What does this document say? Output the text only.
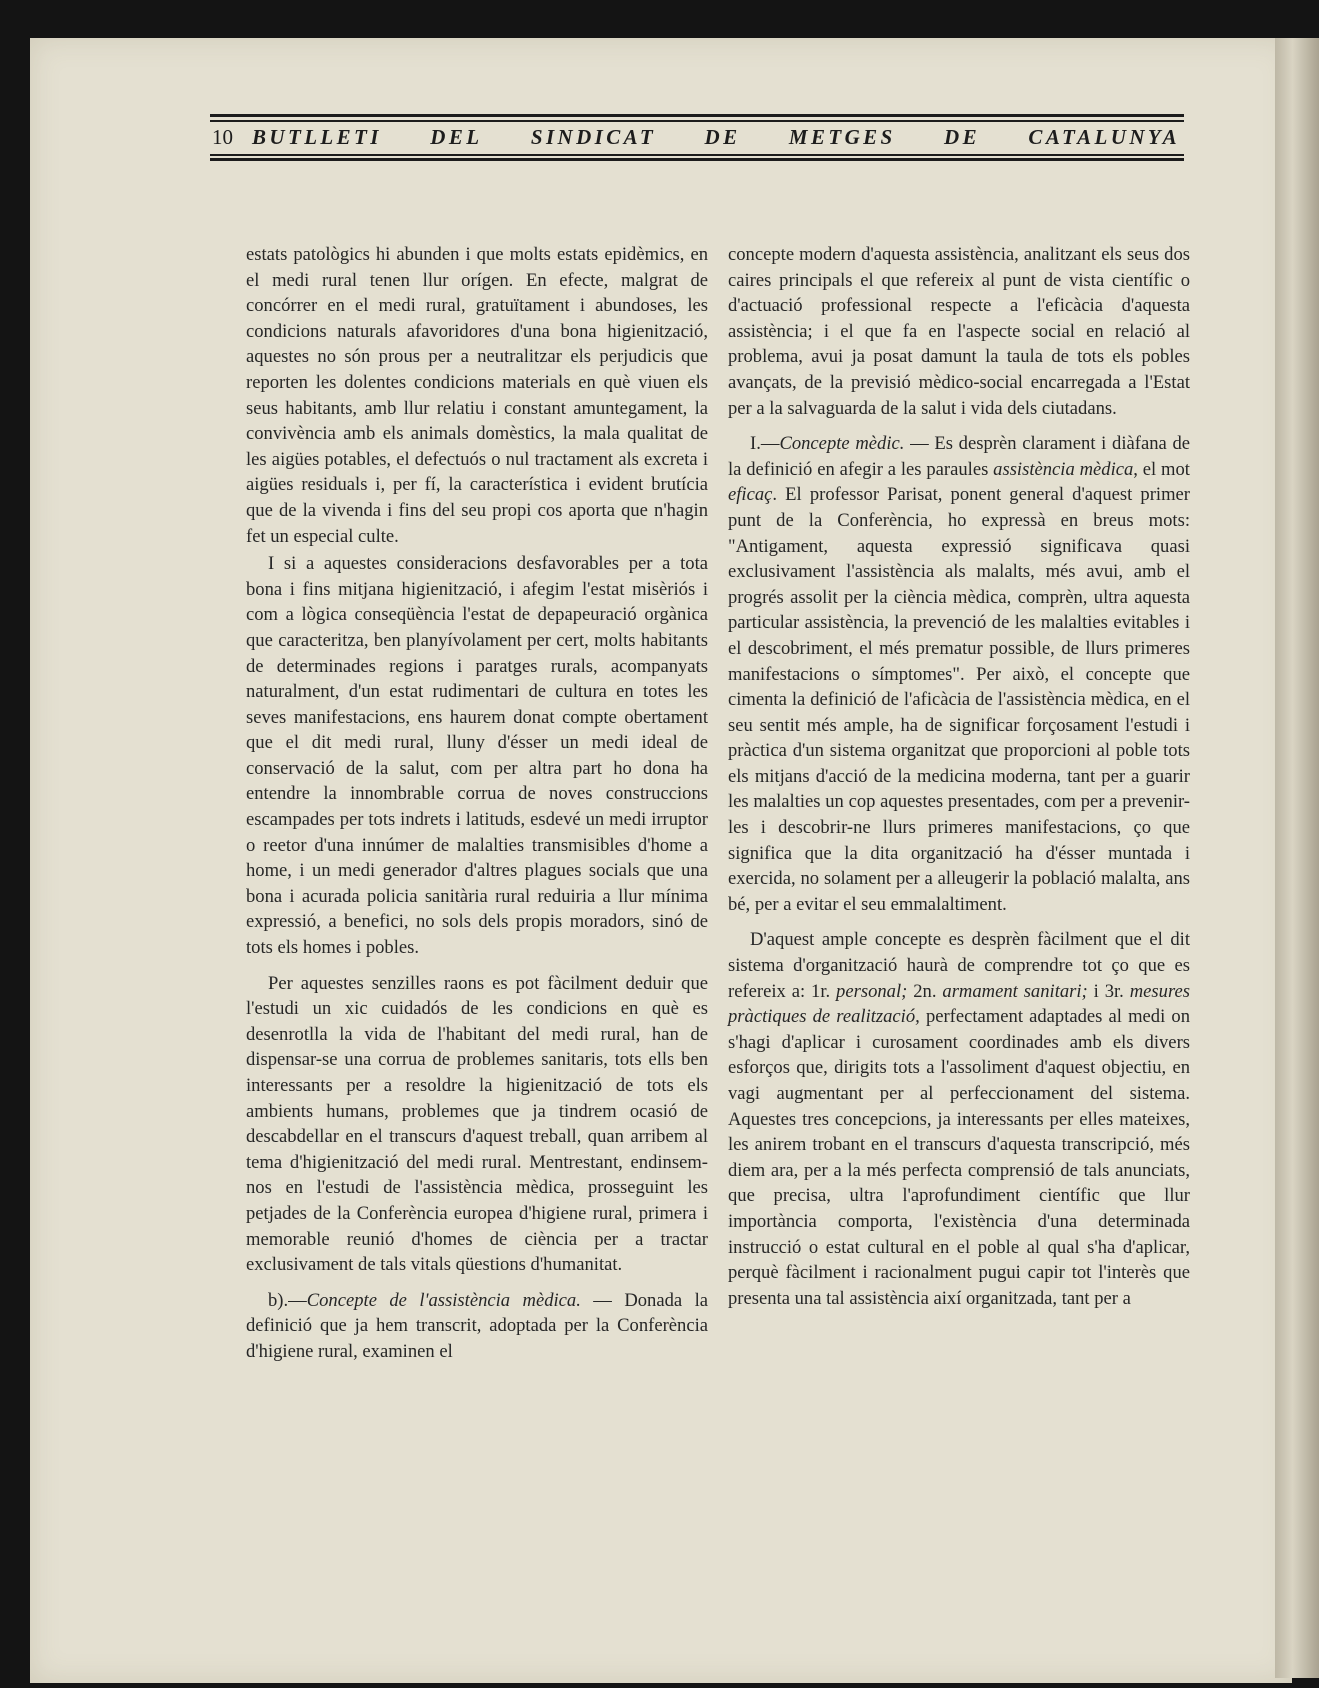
10 BUTLLETI DEL SINDICAT DE METGES DE CATALUNYA

estats patològics hi abunden i que molts estats epidèmics, en el medi rural tenen llur orígen. En efecte, malgrat de concórrer en el medi rural, gratuïtament i abundoses, les condicions naturals afavoridores d'una bona higienització, aquestes no són prous per a neutralitzar els perjudicis que reporten les dolentes condicions materials en què viuen els seus habitants, amb llur relatiu i constant amuntegament, la convivència amb els animals domèstics, la mala qualitat de les aigües potables, el defectuós o nul tractament als excreta i aigües residuals i, per fí, la característica i evident brutícia que de la vivenda i fins del seu propi cos aporta que n'hagin fet un especial culte.

I si a aquestes consideracions desfavorables per a tota bona i fins mitjana higienització, i afegim l'estat misèriós i com a lògica conseqüència l'estat de depapeuració orgànica que caracteritza, ben planyívolament per cert, molts habitants de determinades regions i paratges rurals, acompanyats naturalment, d'un estat rudimentari de cultura en totes les seves manifestacions, ens haurem donat compte obertament que el dit medi rural, lluny d'ésser un medi ideal de conservació de la salut, com per altra part ho dona ha entendre la innombrable corrua de noves construccions escampades per tots indrets i latituds, esdevé un medi irruptor o reetor d'una innúmer de malalties transmisibles d'home a home, i un medi generador d'altres plagues socials que una bona i acurada policia sanitària rural reduiria a llur mínima expressió, a benefici, no sols dels propis moradors, sinó de tots els homes i pobles.

Per aquestes senzilles raons es pot fàcilment deduir que l'estudi un xic cuidadós de les condicions en què es desenrotlla la vida de l'habitant del medi rural, han de dispensar-se una corrua de problemes sanitaris, tots ells ben interessants per a resoldre la higienització de tots els ambients humans, problemes que ja tindrem ocasió de descabdellar en el transcurs d'aquest treball, quan arribem al tema d'higienització del medi rural. Mentrestant, endinsem-nos en l'estudi de l'assistència mèdica, prosseguint les petjades de la Conferència europea d'higiene rural, primera i memorable reunió d'homes de ciència per a tractar exclusivament de tals vitals qüestions d'humanitat.

b).—Concepte de l'assistència mèdica. — Donada la definició que ja hem transcrit, adoptada per la Conferència d'higiene rural, examinen el

concepte modern d'aquesta assistència, analitzant els seus dos caires principals el que refereix al punt de vista científic o d'actuació professional respecte a l'eficàcia d'aquesta assistència; i el que fa en l'aspecte social en relació al problema, avui ja posat damunt la taula de tots els pobles avançats, de la previsió mèdico-social encarregada a l'Estat per a la salvaguarda de la salut i vida dels ciutadans.

I.—Concepte mèdic. — Es desprèn clarament i diàfana de la definició en afegir a les paraules assistència mèdica, el mot eficaç. El professor Parisat, ponent general d'aquest primer punt de la Conferència, ho expressà en breus mots: "Antigament, aquesta expressió significava quasi exclusivament l'assistència als malalts, més avui, amb el progrés assolit per la ciència mèdica, comprèn, ultra aquesta particular assistència, la prevenció de les malalties evitables i el descobriment, el més prematur possible, de llurs primeres manifestacions o símptomes". Per això, el concepte que cimenta la definició de l'aficàcia de l'assistència mèdica, en el seu sentit més ample, ha de significar forçosament l'estudi i pràctica d'un sistema organitzat que proporcioni al poble tots els mitjans d'acció de la medicina moderna, tant per a guarir les malalties un cop aquestes presentades, com per a prevenir-les i descobrir-ne llurs primeres manifestacions, ço que significa que la dita organització ha d'ésser muntada i exercida, no solament per a alleugerir la població malalta, ans bé, per a evitar el seu emmalaltiment.

D'aquest ample concepte es desprèn fàcilment que el dit sistema d'organització haurà de comprendre tot ço que es refereix a: 1r. personal; 2n. armament sanitari; i 3r. mesures pràctiques de realització, perfectament adaptades al medi on s'hagi d'aplicar i curosament coordinades amb els divers esforços que, dirigits tots a l'assoliment d'aquest objectiu, en vagi augmentant per al perfeccionament del sistema. Aquestes tres concepcions, ja interessants per elles mateixes, les anirem trobant en el transcurs d'aquesta transcripció, més diem ara, per a la més perfecta comprensió de tals anunciats, que precisa, ultra l'aprofundiment científic que llur importància comporta, l'existència d'una determinada instrucció o estat cultural en el poble al qual s'ha d'aplicar, perquè fàcilment i racionalment pugui capir tot l'interès que presenta una tal assistència així organitzada, tant per a
